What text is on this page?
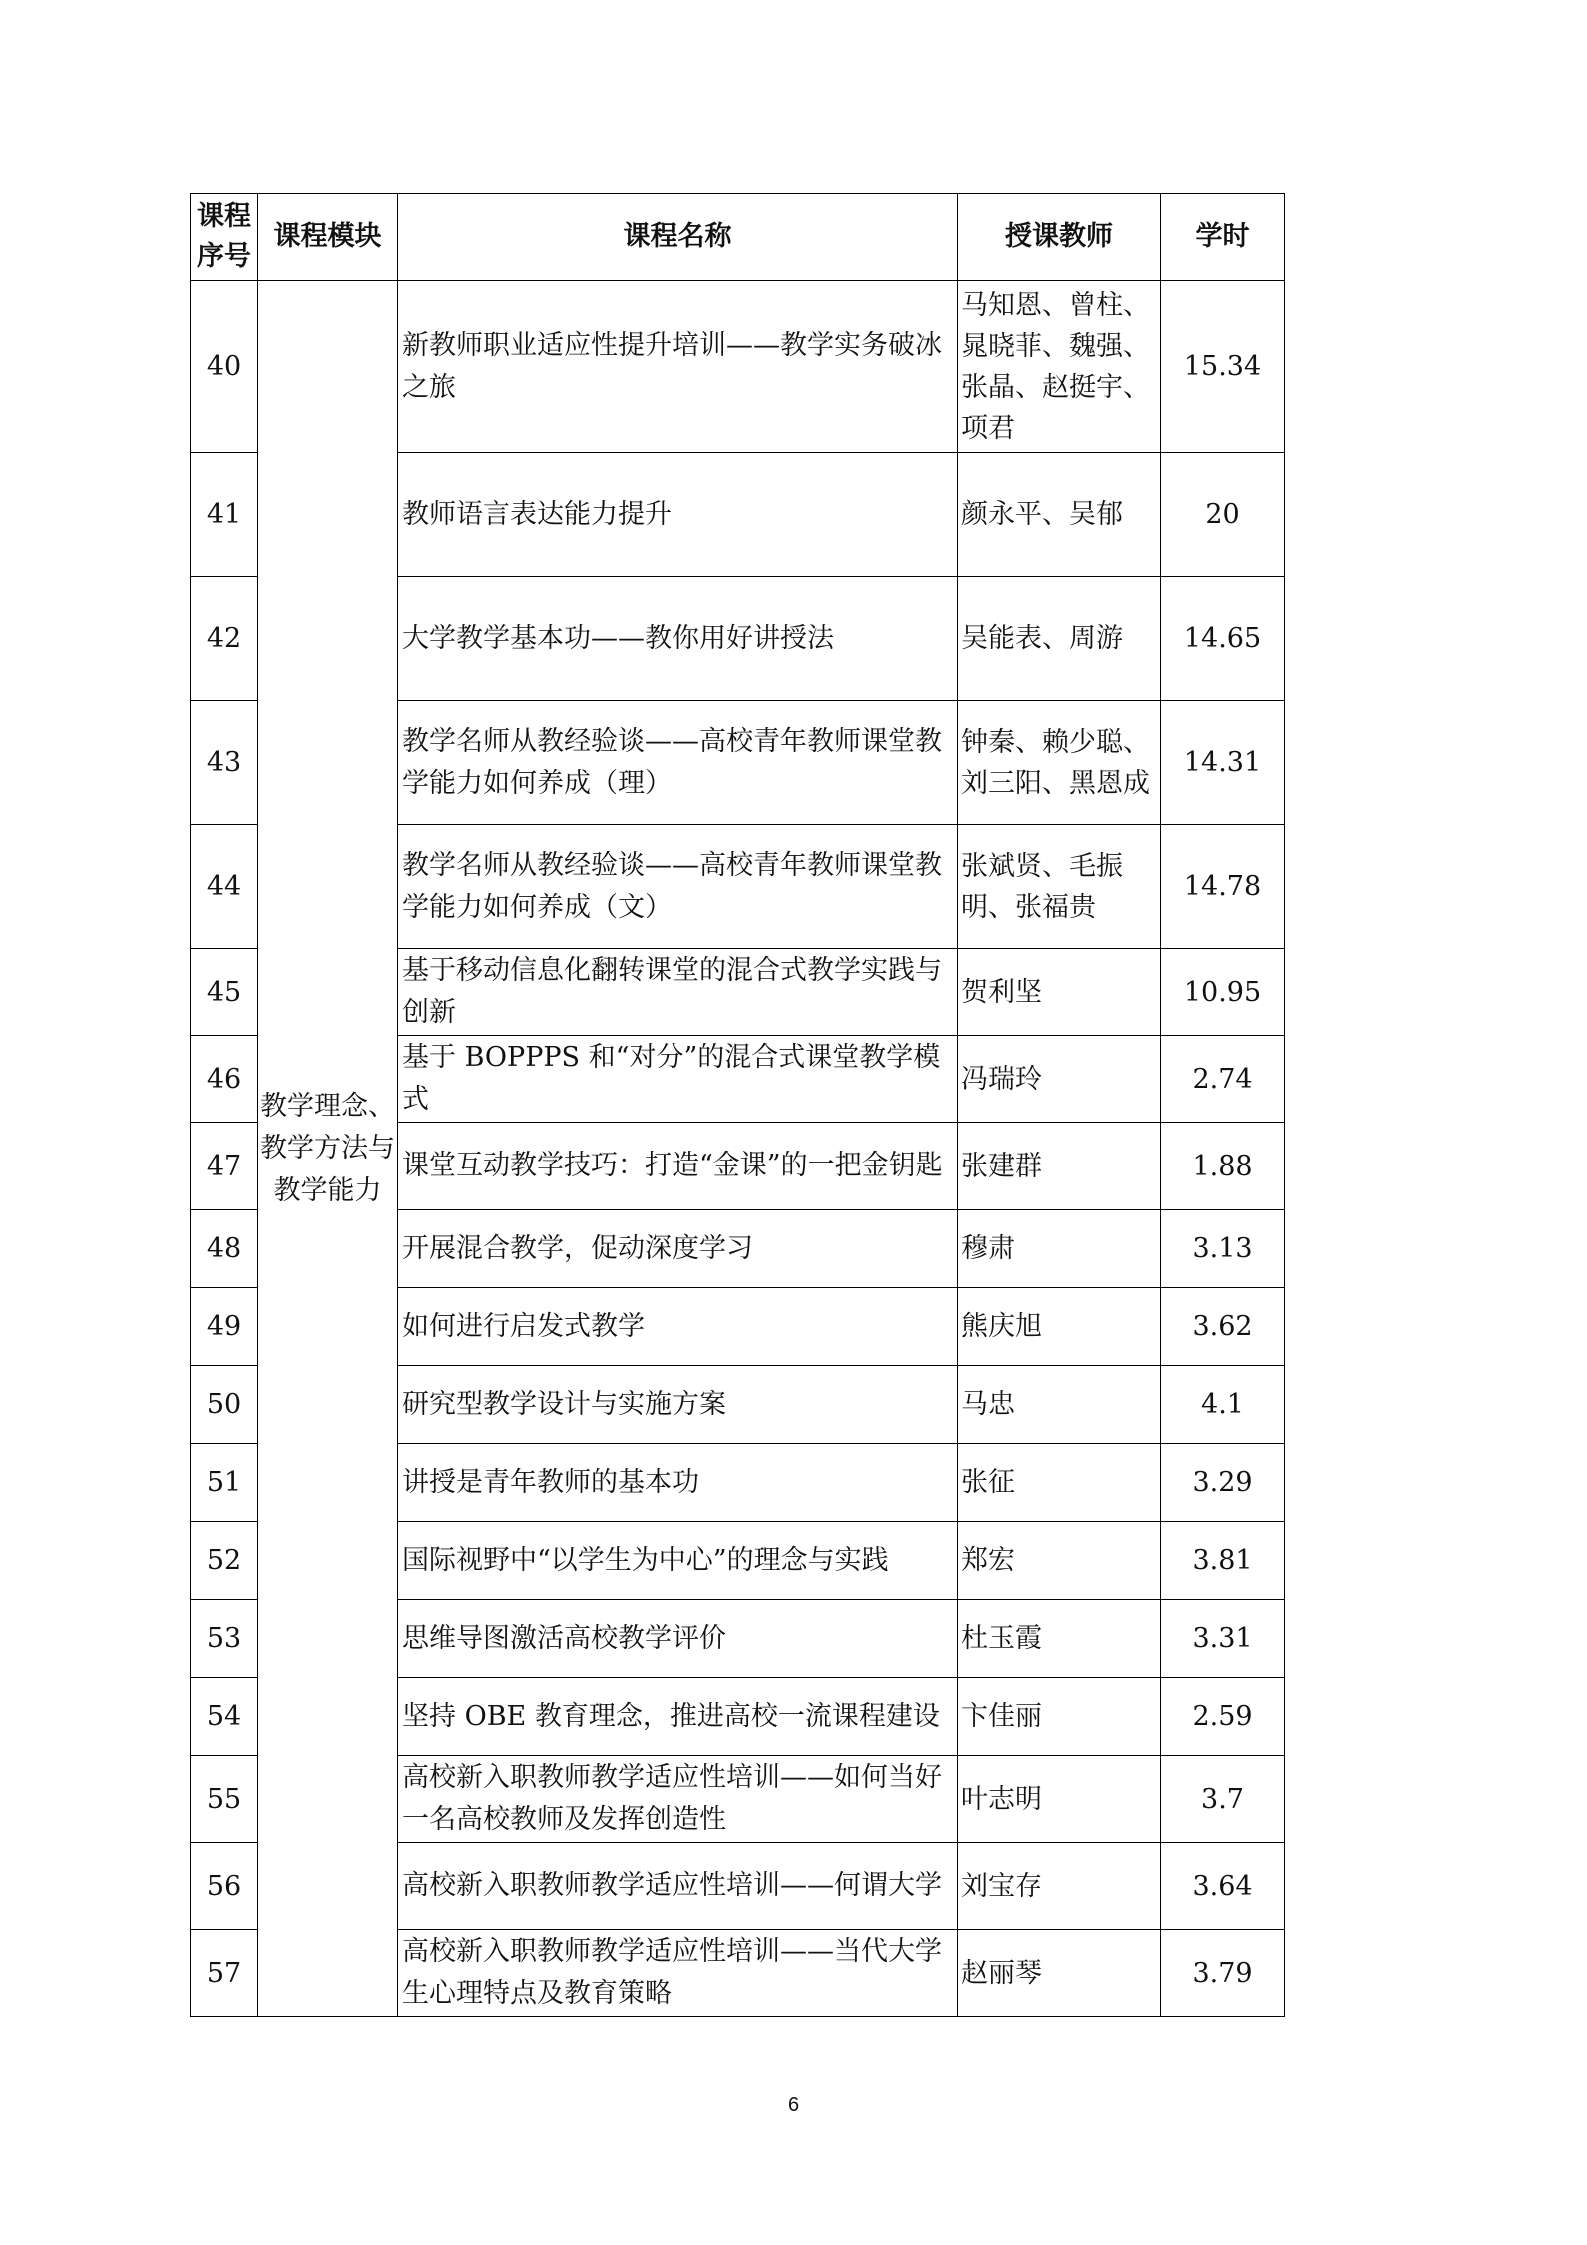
课程
序号	课程模块	课程名称	授课教师	学时
40	教学理念、教学方法与教学能力	新教师职业适应性提升培训——教学实务破冰之旅	马知恩、曾柱、晁晓菲、魏强、张晶、赵挺宇、项君	15.34
41		教师语言表达能力提升	颜永平、吴郁	20
42		大学教学基本功——教你用好讲授法	吴能表、周游	14.65
43		教学名师从教经验谈——高校青年教师课堂教学能力如何养成（理）	钟秦、赖少聪、刘三阳、黑恩成	14.31
44		教学名师从教经验谈——高校青年教师课堂教学能力如何养成（文）	张斌贤、毛振明、张福贵	14.78
45		基于移动信息化翻转课堂的混合式教学实践与创新	贺利坚	10.95
46		基于 BOPPPS 和“对分”的混合式课堂教学模式	冯瑞玲	2.74
47		课堂互动教学技巧：打造“金课”的一把金钥匙	张建群	1.88
48		开展混合教学，促动深度学习	穆肃	3.13
49		如何进行启发式教学	熊庆旭	3.62
50		研究型教学设计与实施方案	马忠	4.1
51		讲授是青年教师的基本功	张征	3.29
52		国际视野中“以学生为中心”的理念与实践	郑宏	3.81
53		思维导图激活高校教学评价	杜玉霞	3.31
54		坚持 OBE 教育理念，推进高校一流课程建设	卞佳丽	2.59
55		高校新入职教师教学适应性培训——如何当好一名高校教师及发挥创造性	叶志明	3.7
56		高校新入职教师教学适应性培训——何谓大学	刘宝存	3.64
57		高校新入职教师教学适应性培训——当代大学生心理特点及教育策略	赵丽琴	3.79
6
